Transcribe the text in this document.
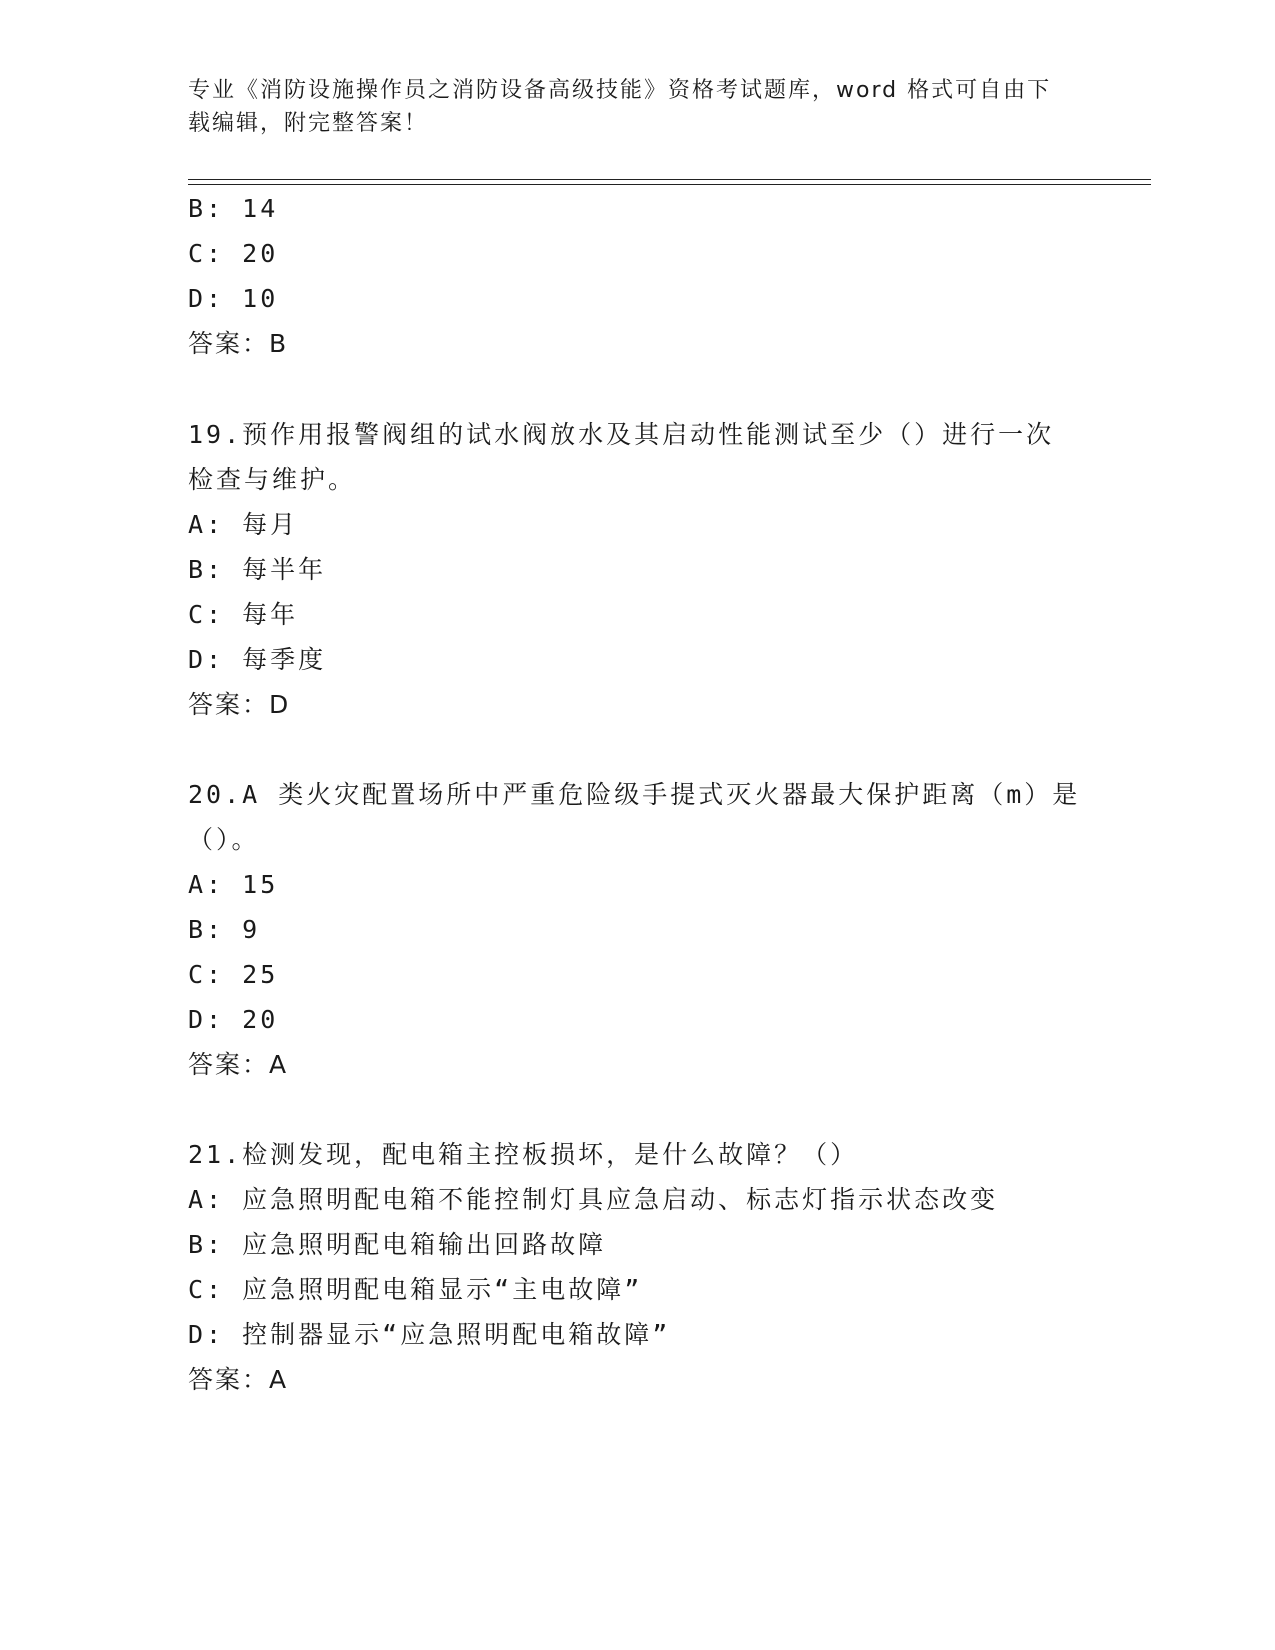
专业《消防设施操作员之消防设备高级技能》资格考试题库，word 格式可自由下
载编辑，附完整答案！
B: 14
C: 20
D: 10
答案：B
19.预作用报警阀组的试水阀放水及其启动性能测试至少（）进行一次
检查与维护。
A: 每月
B: 每半年
C: 每年
D: 每季度
答案：D
20.A 类火灾配置场所中严重危险级手提式灭火器最大保护距离（m）是
（）。
A: 15
B: 9
C: 25
D: 20
答案：A
21.检测发现，配电箱主控板损坏，是什么故障？（）
A: 应急照明配电箱不能控制灯具应急启动、标志灯指示状态改变
B: 应急照明配电箱输出回路故障
C: 应急照明配电箱显示“主电故障”
D: 控制器显示“应急照明配电箱故障”
答案：A
